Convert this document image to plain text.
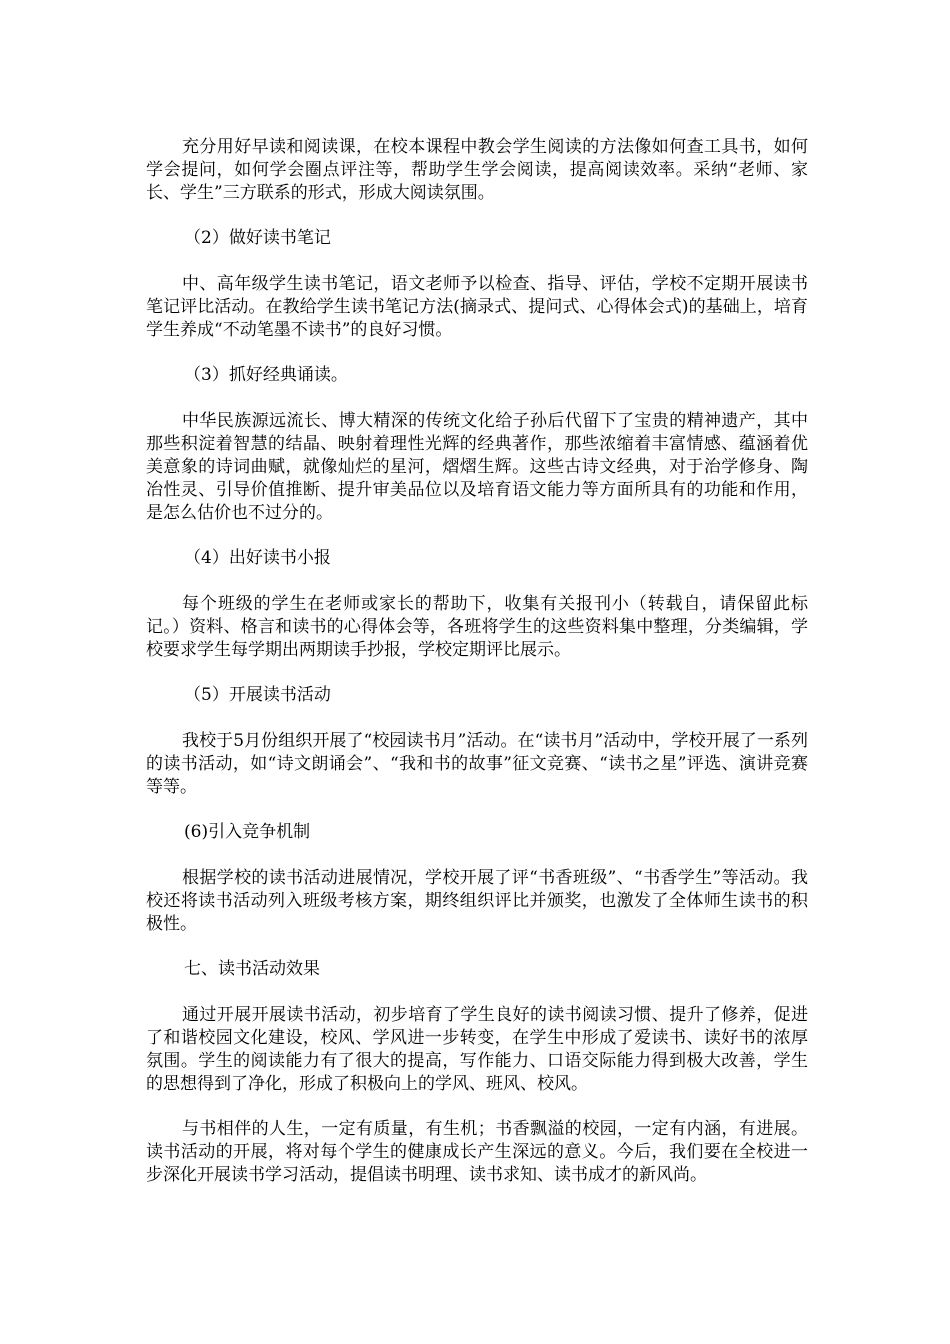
充分用好早读和阅读课，在校本课程中教会学生阅读的方法像如何查工具书，如何学会提问，如何学会圈点评注等，帮助学生学会阅读，提高阅读效率。采纳“老师、家长、学生”三方联系的形式，形成大阅读氛围。

（2）做好读书笔记

中、高年级学生读书笔记，语文老师予以检查、指导、评估，学校不定期开展读书笔记评比活动。在教给学生读书笔记方法(摘录式、提问式、心得体会式)的基础上，培育学生养成“不动笔墨不读书”的良好习惯。

（3）抓好经典诵读。

中华民族源远流长、博大精深的传统文化给子孙后代留下了宝贵的精神遗产，其中那些积淀着智慧的结晶、映射着理性光辉的经典著作，那些浓缩着丰富情感、蕴涵着优美意象的诗词曲赋，就像灿烂的星河，熠熠生辉。这些古诗文经典，对于治学修身、陶冶性灵、引导价值推断、提升审美品位以及培育语文能力等方面所具有的功能和作用，是怎么估价也不过分的。

（4）出好读书小报

每个班级的学生在老师或家长的帮助下，收集有关报刊小（转载自，请保留此标记。）资料、格言和读书的心得体会等，各班将学生的这些资料集中整理，分类编辑，学校要求学生每学期出两期读手抄报，学校定期评比展示。

（5）开展读书活动

我校于5月份组织开展了“校园读书月”活动。在“读书月”活动中，学校开展了一系列的读书活动，如“诗文朗诵会”、“我和书的故事”征文竞赛、“读书之星”评选、演讲竞赛等等。

(6)引入竞争机制

根据学校的读书活动进展情况，学校开展了评“书香班级”、“书香学生”等活动。我校还将读书活动列入班级考核方案，期终组织评比并颁奖，也激发了全体师生读书的积极性。

七、读书活动效果

通过开展开展读书活动，初步培育了学生良好的读书阅读习惯、提升了修养，促进了和谐校园文化建设，校风、学风进一步转变，在学生中形成了爱读书、读好书的浓厚氛围。学生的阅读能力有了很大的提高，写作能力、口语交际能力得到极大改善，学生的思想得到了净化，形成了积极向上的学风、班风、校风。

与书相伴的人生，一定有质量，有生机；书香飘溢的校园，一定有内涵，有进展。读书活动的开展，将对每个学生的健康成长产生深远的意义。今后，我们要在全校进一步深化开展读书学习活动，提倡读书明理、读书求知、读书成才的新风尚。
